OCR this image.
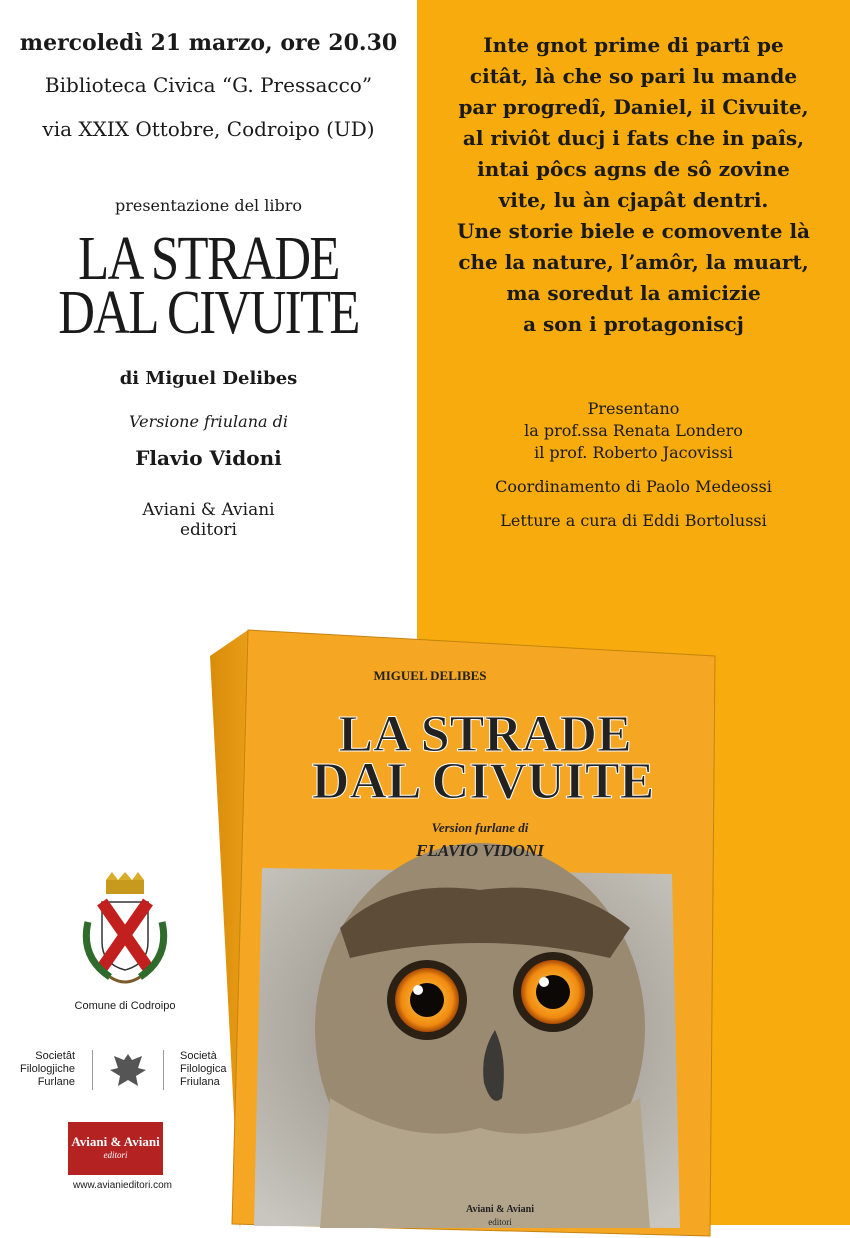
mercoledì 21 marzo, ore 20.30
Biblioteca Civica “G. Pressacco”
via XXIX Ottobre, Codroipo (UD)
presentazione del libro
LA STRADE
DAL CIVUITE
di Miguel Delibes
Versione friulana di
Flavio Vidoni
Aviani & Aviani
editori
Inte gnot prime di partî pe
citât, là che so pari lu mande
par progredî, Daniel, il Civuite,
al riviôt ducj i fats che in paîs,
intai pôcs agns de sô zovine
vite, lu àn cjapât dentri.
Une storie biele e comovente là
che la nature, l’amôr, la muart,
ma soredut la amicizie
a son i protagoniscj
Presentano
la prof.ssa Renata Londero
il prof. Roberto Jacovissi
Coordinamento di Paolo Medeossi
Letture a cura di Eddi Bortolussi
MIGUEL DELIBES
LA STRADE
DAL CIVUITE
Version furlane di
FLAVIO VIDONI
Aviani & Aviani
editori
Comune di Codroipo
Societât
Filologjiche
Furlane
Società
Filologica
Friulana
Aviani & Aviani
editori
www.avianieditori.com
